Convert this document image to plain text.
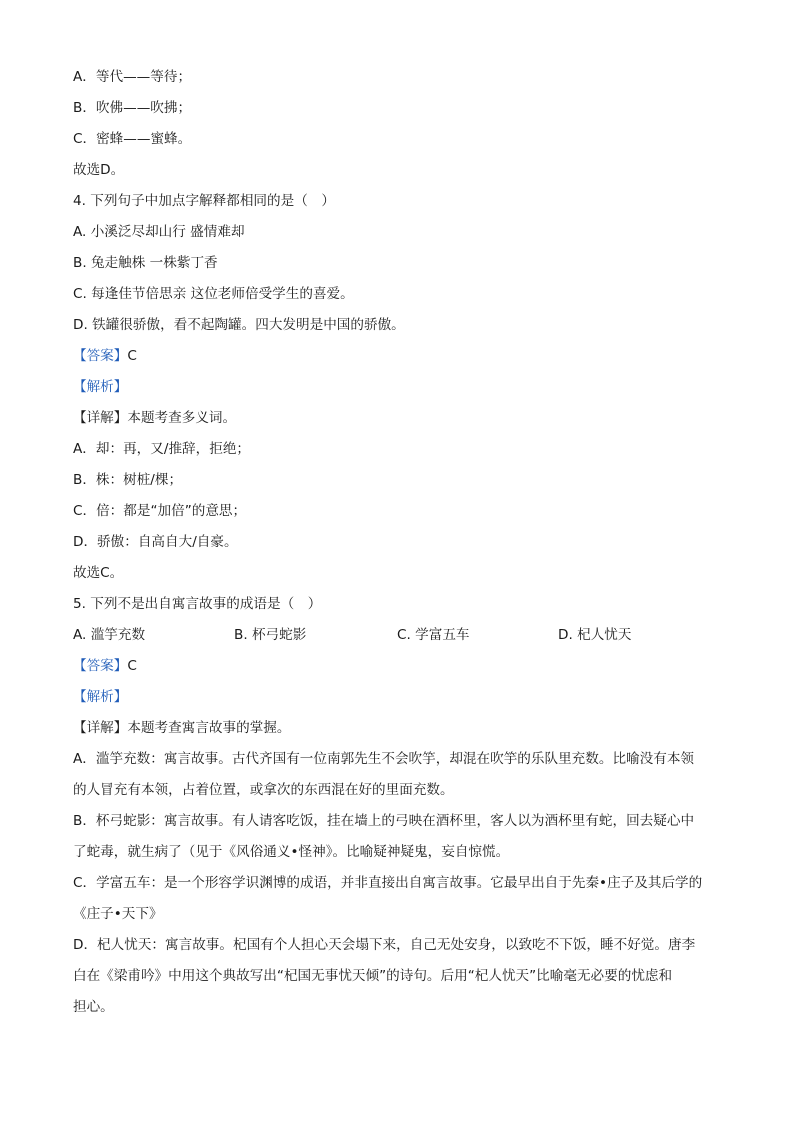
A．等代——等待；
B．吹佛——吹拂；
C．密蜂——蜜蜂。
故选D。
4. 下列句子中加点字解释都相同的是（　）
A. 小溪泛尽却山行 盛情难却
B. 兔走触株 一株紫丁香
C. 每逢佳节倍思亲 这位老师倍受学生的喜爱。
D. 铁罐很骄傲，看不起陶罐。四大发明是中国的骄傲。
【答案】C
【解析】
【详解】本题考查多义词。
A．却：再，又/推辞，拒绝；
B．株：树桩/棵；
C．倍：都是“加倍”的意思；
D．骄傲：自高自大/自豪。
故选C。
5. 下列不是出自寓言故事的成语是（　）
A. 滥竽充数	B. 杯弓蛇影	C. 学富五车	D. 杞人忧天
【答案】C
【解析】
【详解】本题考查寓言故事的掌握。
A．滥竽充数：寓言故事。古代齐国有一位南郭先生不会吹竽，却混在吹竽的乐队里充数。比喻没有本领
的人冒充有本领，占着位置，或拿次的东西混在好的里面充数。
B．杯弓蛇影：寓言故事。有人请客吃饭，挂在墙上的弓映在酒杯里，客人以为酒杯里有蛇，回去疑心中
了蛇毒，就生病了（见于《风俗通义•怪神》。比喻疑神疑鬼，妄自惊慌。
C．学富五车：是一个形容学识渊博的成语，并非直接出自寓言故事。它最早出自于先秦•庄子及其后学的
《庄子•天下》
D．杞人忧天：寓言故事。杞国有个人担心天会塌下来，自己无处安身，以致吃不下饭，睡不好觉。唐李
白在《梁甫吟》中用这个典故写出“杞国无事忧天倾”的诗句。后用“杞人忧天”比喻毫无必要的忧虑和
担心。
